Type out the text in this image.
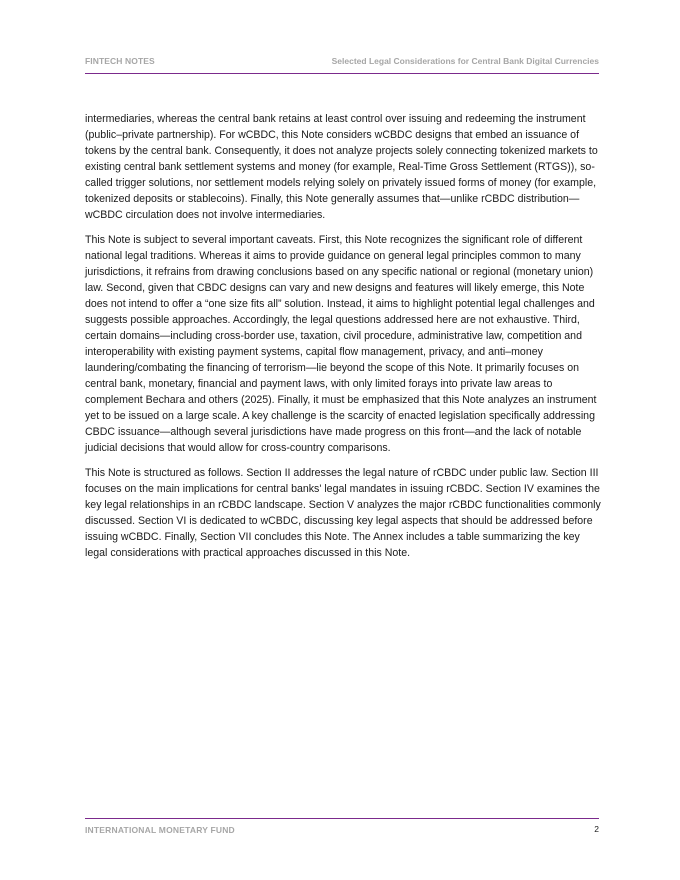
FINTECH NOTES	Selected Legal Considerations for Central Bank Digital Currencies

intermediaries, whereas the central bank retains at least control over issuing and redeeming the instrument (public–private partnership). For wCBDC, this Note considers wCBDC designs that embed an issuance of tokens by the central bank. Consequently, it does not analyze projects solely connecting tokenized markets to existing central bank settlement systems and money (for example, Real-Time Gross Settlement (RTGS)), so-called trigger solutions, nor settlement models relying solely on privately issued forms of money (for example, tokenized deposits or stablecoins). Finally, this Note generally assumes that—unlike rCBDC distribution—wCBDC circulation does not involve intermediaries.

This Note is subject to several important caveats. First, this Note recognizes the significant role of different national legal traditions. Whereas it aims to provide guidance on general legal principles common to many jurisdictions, it refrains from drawing conclusions based on any specific national or regional (monetary union) law. Second, given that CBDC designs can vary and new designs and features will likely emerge, this Note does not intend to offer a “one size fits all” solution. Instead, it aims to highlight potential legal challenges and suggests possible approaches. Accordingly, the legal questions addressed here are not exhaustive. Third, certain domains—including cross-border use, taxation, civil procedure, administrative law, competition and interoperability with existing payment systems, capital flow management, privacy, and anti–money laundering/combating the financing of terrorism—lie beyond the scope of this Note. It primarily focuses on central bank, monetary, financial and payment laws, with only limited forays into private law areas to complement Bechara and others (2025). Finally, it must be emphasized that this Note analyzes an instrument yet to be issued on a large scale. A key challenge is the scarcity of enacted legislation specifically addressing CBDC issuance—although several jurisdictions have made progress on this front—and the lack of notable judicial decisions that would allow for cross-country comparisons.

This Note is structured as follows. Section II addresses the legal nature of rCBDC under public law. Section III focuses on the main implications for central banks' legal mandates in issuing rCBDC. Section IV examines the key legal relationships in an rCBDC landscape. Section V analyzes the major rCBDC functionalities commonly discussed. Section VI is dedicated to wCBDC, discussing key legal aspects that should be addressed before issuing wCBDC. Finally, Section VII concludes this Note. The Annex includes a table summarizing the key legal considerations with practical approaches discussed in this Note.

INTERNATIONAL MONETARY FUND	2
